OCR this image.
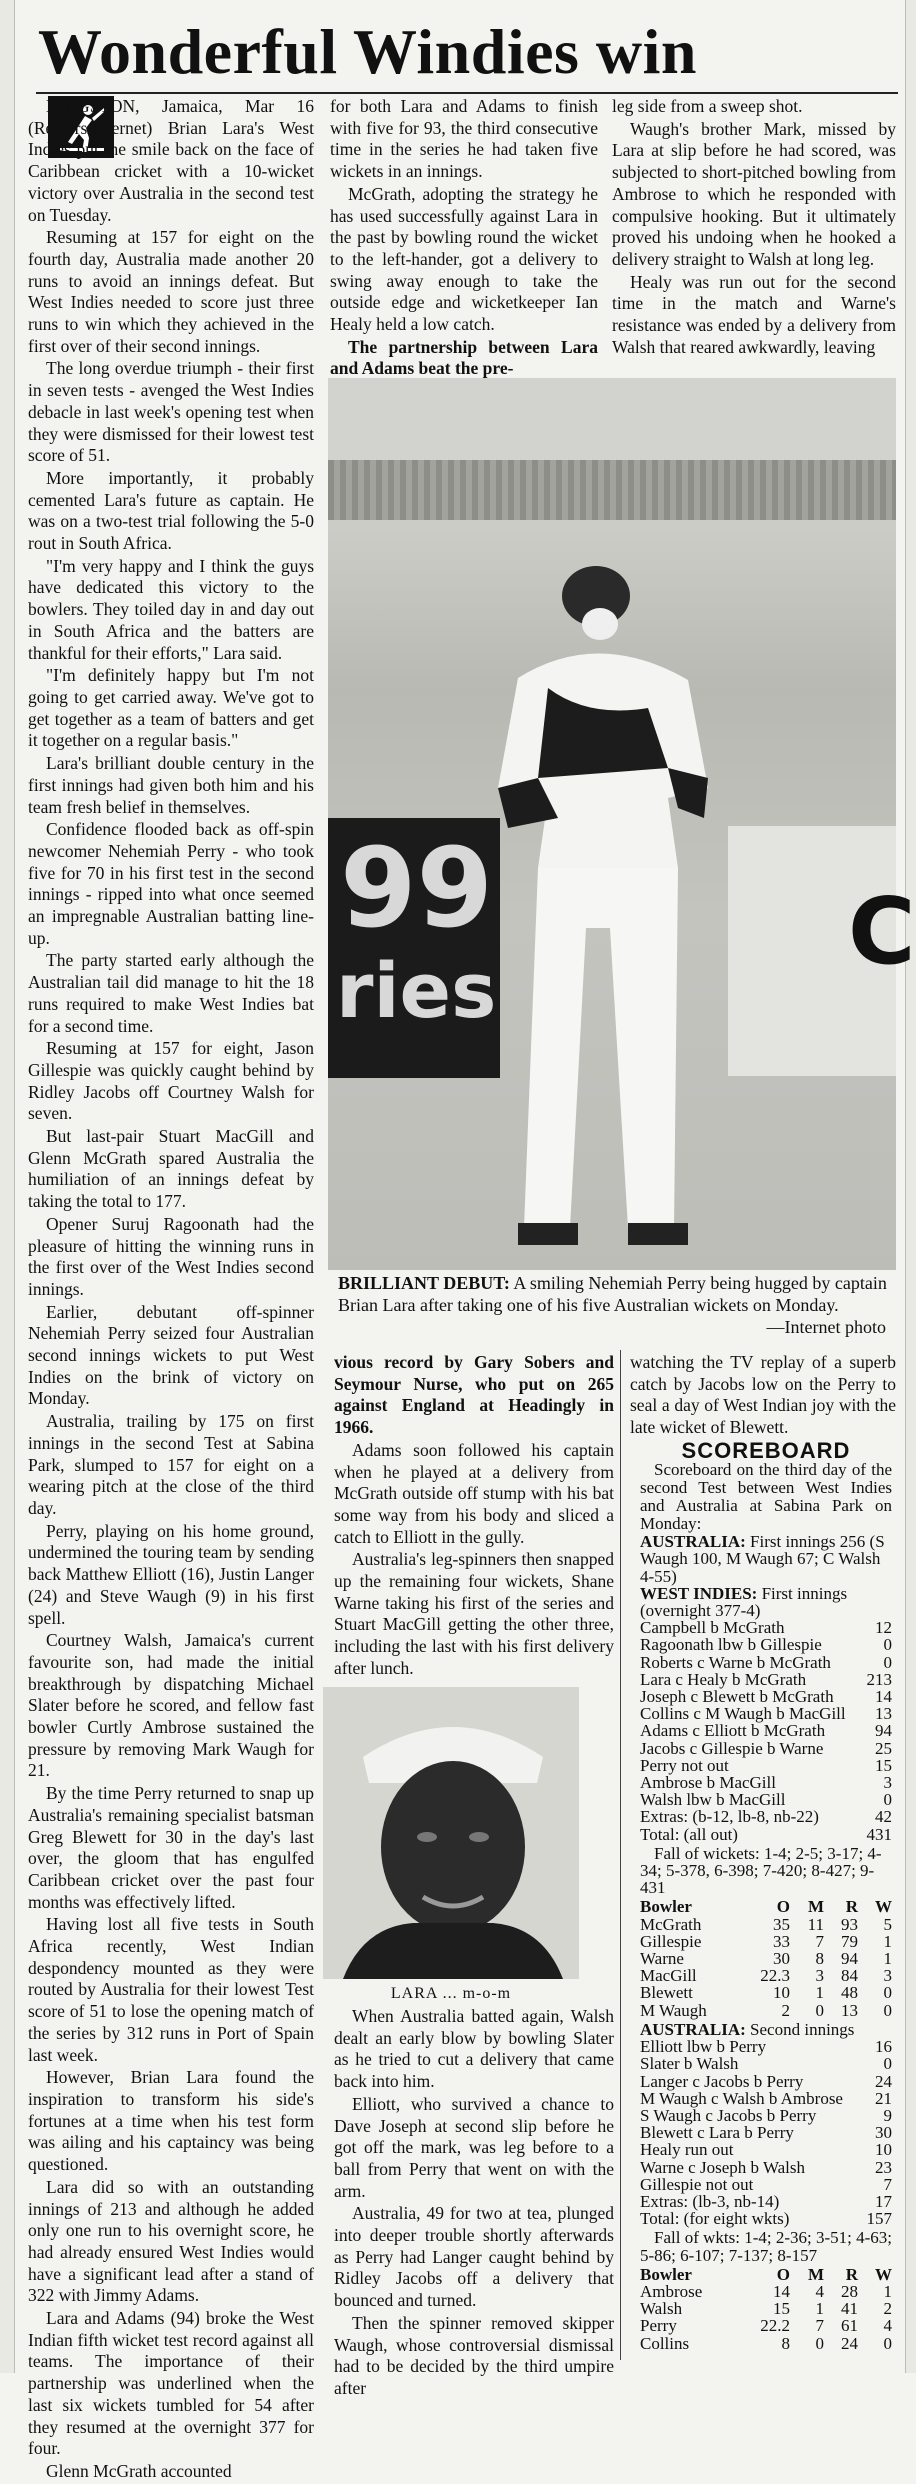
Wonderful Windies win

KINGSTON, Jamaica, Mar 16 (Reuters/Internet) Brian Lara's West Indies put the smile back on the face of Caribbean cricket with a 10-wicket victory over Australia in the second test on Tuesday.

Resuming at 157 for eight on the fourth day, Australia made another 20 runs to avoid an innings defeat. But West Indies needed to score just three runs to win which they achieved in the first over of their second innings.

The long overdue triumph - their first in seven tests - avenged the West Indies debacle in last week's opening test when they were dismissed for their lowest test score of 51.

More importantly, it probably cemented Lara's future as captain. He was on a two-test trial following the 5-0 rout in South Africa.

"I'm very happy and I think the guys have dedicated this victory to the bowlers. They toiled day in and day out in South Africa and the batters are thankful for their efforts," Lara said.

"I'm definitely happy but I'm not going to get carried away. We've got to get together as a team of batters and get it together on a regular basis."

Lara's brilliant double century in the first innings had given both him and his team fresh belief in themselves.

Confidence flooded back as off-spin newcomer Nehemiah Perry - who took five for 70 in his first test in the second innings - ripped into what once seemed an impregnable Australian batting line-up.

The party started early although the Australian tail did manage to hit the 18 runs required to make West Indies bat for a second time.

Resuming at 157 for eight, Jason Gillespie was quickly caught behind by Ridley Jacobs off Courtney Walsh for seven.

But last-pair Stuart MacGill and Glenn McGrath spared Australia the humiliation of an innings defeat by taking the total to 177.

Opener Suruj Ragoonath had the pleasure of hitting the winning runs in the first over of the West Indies second innings.

Earlier, debutant off-spinner Nehemiah Perry seized four Australian second innings wickets to put West Indies on the brink of victory on Monday.

Australia, trailing by 175 on first innings in the second Test at Sabina Park, slumped to 157 for eight on a wearing pitch at the close of the third day.

Perry, playing on his home ground, undermined the touring team by sending back Matthew Elliott (16), Justin Langer (24) and Steve Waugh (9) in his first spell.

Courtney Walsh, Jamaica's current favourite son, had made the initial breakthrough by dispatching Michael Slater before he scored, and fellow fast bowler Curtly Ambrose sustained the pressure by removing Mark Waugh for 21.

By the time Perry returned to snap up Australia's remaining specialist batsman Greg Blewett for 30 in the day's last over, the gloom that has engulfed Caribbean cricket over the past four months was effectively lifted.

Having lost all five tests in South Africa recently, West Indian despondency mounted as they were routed by Australia for their lowest Test score of 51 to lose the opening match of the series by 312 runs in Port of Spain last week.

However, Brian Lara found the inspiration to transform his side's fortunes at a time when his test form was ailing and his captaincy was being questioned.

Lara did so with an outstanding innings of 213 and although he added only one run to his overnight score, he had already ensured West Indies would have a significant lead after a stand of 322 with Jimmy Adams.

Lara and Adams (94) broke the West Indian fifth wicket test record against all teams. The importance of their partnership was underlined when the last six wickets tumbled for 54 after they resumed at the overnight 377 for four.

Glenn McGrath accounted

for both Lara and Adams to finish with five for 93, the third consecutive time in the series he had taken five wickets in an innings.

McGrath, adopting the strategy he has used successfully against Lara in the past by bowling round the wicket to the left-hander, got a delivery to swing away enough to take the outside edge and wicketkeeper Ian Healy held a low catch.

The partnership between Lara and Adams beat the pre-

leg side from a sweep shot.

Waugh's brother Mark, missed by Lara at slip before he had scored, was subjected to short-pitched bowling from Ambrose to which he responded with compulsive hooking. But it ultimately proved his undoing when he hooked a delivery straight to Walsh at long leg.

Healy was run out for the second time in the match and Warne's resistance was ended by a delivery from Walsh that reared awkwardly, leaving

99
ries
C
BRILLIANT DEBUT: A smiling Nehemiah Perry being hugged by captain Brian Lara after taking one of his five Australian wickets on Monday.
—Internet photo

vious record by Gary Sobers and Seymour Nurse, who put on 265 against England at Headingly in 1966.

Adams soon followed his captain when he played at a delivery from McGrath outside off stump with his bat some way from his body and sliced a catch to Elliott in the gully.

Australia's leg-spinners then snapped up the remaining four wickets, Shane Warne taking his first of the series and Stuart MacGill getting the other three, including the last with his first delivery after lunch.

LARA ... m-o-m

When Australia batted again, Walsh dealt an early blow by bowling Slater as he tried to cut a delivery that came back into him.

Elliott, who survived a chance to Dave Joseph at second slip before he got off the mark, was leg before to a ball from Perry that went on with the arm.

Australia, 49 for two at tea, plunged into deeper trouble shortly afterwards as Perry had Langer caught behind by Ridley Jacobs off a delivery that bounced and turned.

Then the spinner removed skipper Waugh, whose controversial dismissal had to be decided by the third umpire after

watching the TV replay of a superb catch by Jacobs low on the Perry to seal a day of West Indian joy with the late wicket of Blewett.

SCOREBOARD

Scoreboard on the third day of the second Test between West Indies and Australia at Sabina Park on Monday:

AUSTRALIA: First innings 256 (S Waugh 100, M Waugh 67; C Walsh 4-55)

WEST INDIES: First innings (overnight 377-4)

Campbell b McGrath	12
Ragoonath lbw b Gillespie	0
Roberts c Warne b McGrath	0
Lara c Healy b McGrath	213
Joseph c Blewett b McGrath	14
Collins c M Waugh b MacGill	13
Adams c Elliott b McGrath	94
Jacobs c Gillespie b Warne	25
Perry not out	15
Ambrose b MacGill	3
Walsh lbw b MacGill	0
Extras: (b-12, lb-8, nb-22)	42
Total: (all out)	431

Fall of wickets: 1-4; 2-5; 3-17; 4-34; 5-378, 6-398; 7-420; 8-427; 9-431

Bowler	O	M	R	W
McGrath	35	11	93	5
Gillespie	33	7	79	1
Warne	30	8	94	1
MacGill	22.3	3	84	3
Blewett	10	1	48	0
M Waugh	2	0	13	0

AUSTRALIA: Second innings

Elliott lbw b Perry	16
Slater b Walsh	0
Langer c Jacobs b Perry	24
M Waugh c Walsh b Ambrose	21
S Waugh c Jacobs b Perry	9
Blewett c Lara b Perry	30
Healy run out	10
Warne c Joseph b Walsh	23
Gillespie not out	7
Extras: (lb-3, nb-14)	17
Total: (for eight wkts)	157

Fall of wkts: 1-4; 2-36; 3-51; 4-63; 5-86; 6-107; 7-137; 8-157

Bowler	O	M	R	W
Ambrose	14	4	28	1
Walsh	15	1	41	2
Perry	22.2	7	61	4
Collins	8	0	24	0
